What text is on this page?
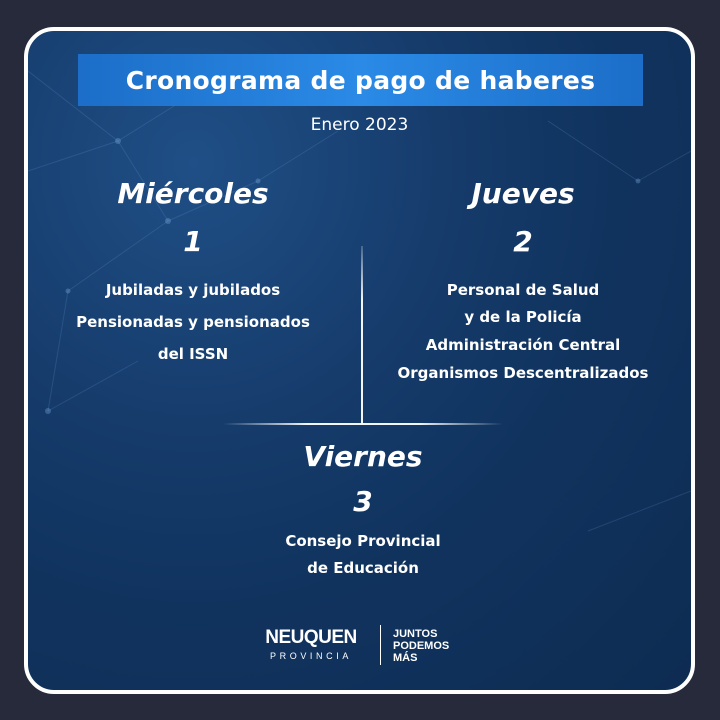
Cronograma de pago de haberes
Enero 2023
Miércoles
1
Jubiladas y jubilados
Pensionadas y pensionados
del ISSN
Jueves
2
Personal de Salud
y de la Policía
Administración Central
Organismos Descentralizados
Viernes
3
Consejo Provincial
de Educación
NEUQUEN
PROVINCIA
JUNTOS
PODEMOS
MÁS
